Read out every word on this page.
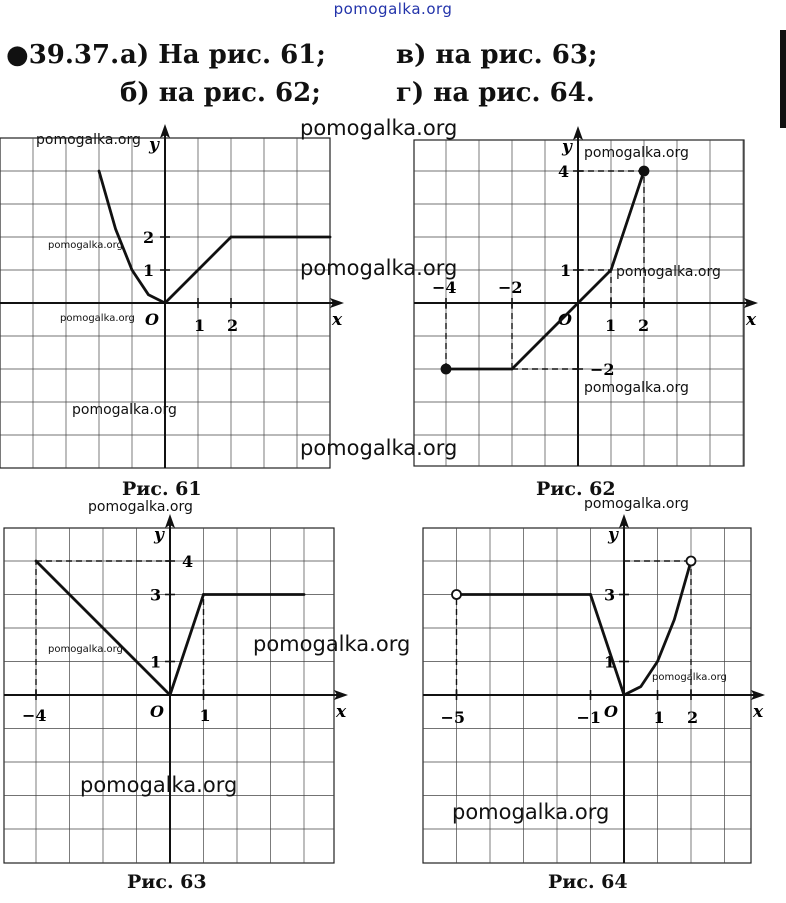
pomogalka.org
●39.37. а) На рис. 61;
б) на рис. 62;
в) на рис. 63;
г) на рис. 64.
x
y
O 1 2
1
2
x
y
O
−4	−2
1 2
4
1
−2
x
y
O
−4	1
4
3
1
x
y
O
−5	−1	1 2
3
1
Рис. 61	Рис. 62
Рис. 63	Рис. 64
pomogalka.org
pomogalka.org
pomogalka.org
pomogalka.org
pomogalka.org
pomogalka.org
pomogalka.org
pomogalka.org
pomogalka.org
pomogalka.org
pomogalka.org
pomogalka.org
pomogalka.org
pomogalka.org	pomogalka.org
pomogalka.org
pomogalka.org
